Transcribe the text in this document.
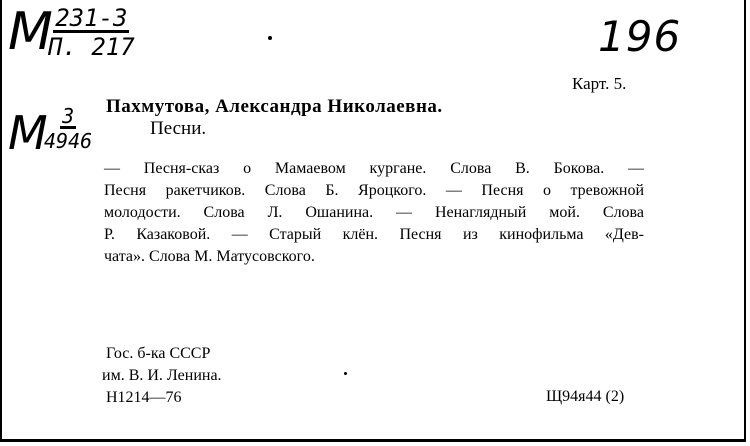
М 231-3
П. 217
М
$\frac{3}{4946}$
196
Карт. 5.
Пахмутова, Александра Николаевна.
Песни.
— Песня-сказ о Мамаевом кургане. Слова В. Бокова. —
Песня ракетчиков. Слова Б. Яроцкого. — Песня о тревожной
молодости. Слова Л. Ошанина. — Ненаглядный мой. Слова
Р. Казаковой. — Старый клён. Песня из кинофильма «Дев-
чата». Слова М. Матусовского.
Гос. б-ка СССР
им. В. И. Ленина.
Н1214—76	Щ94я44 (2)
